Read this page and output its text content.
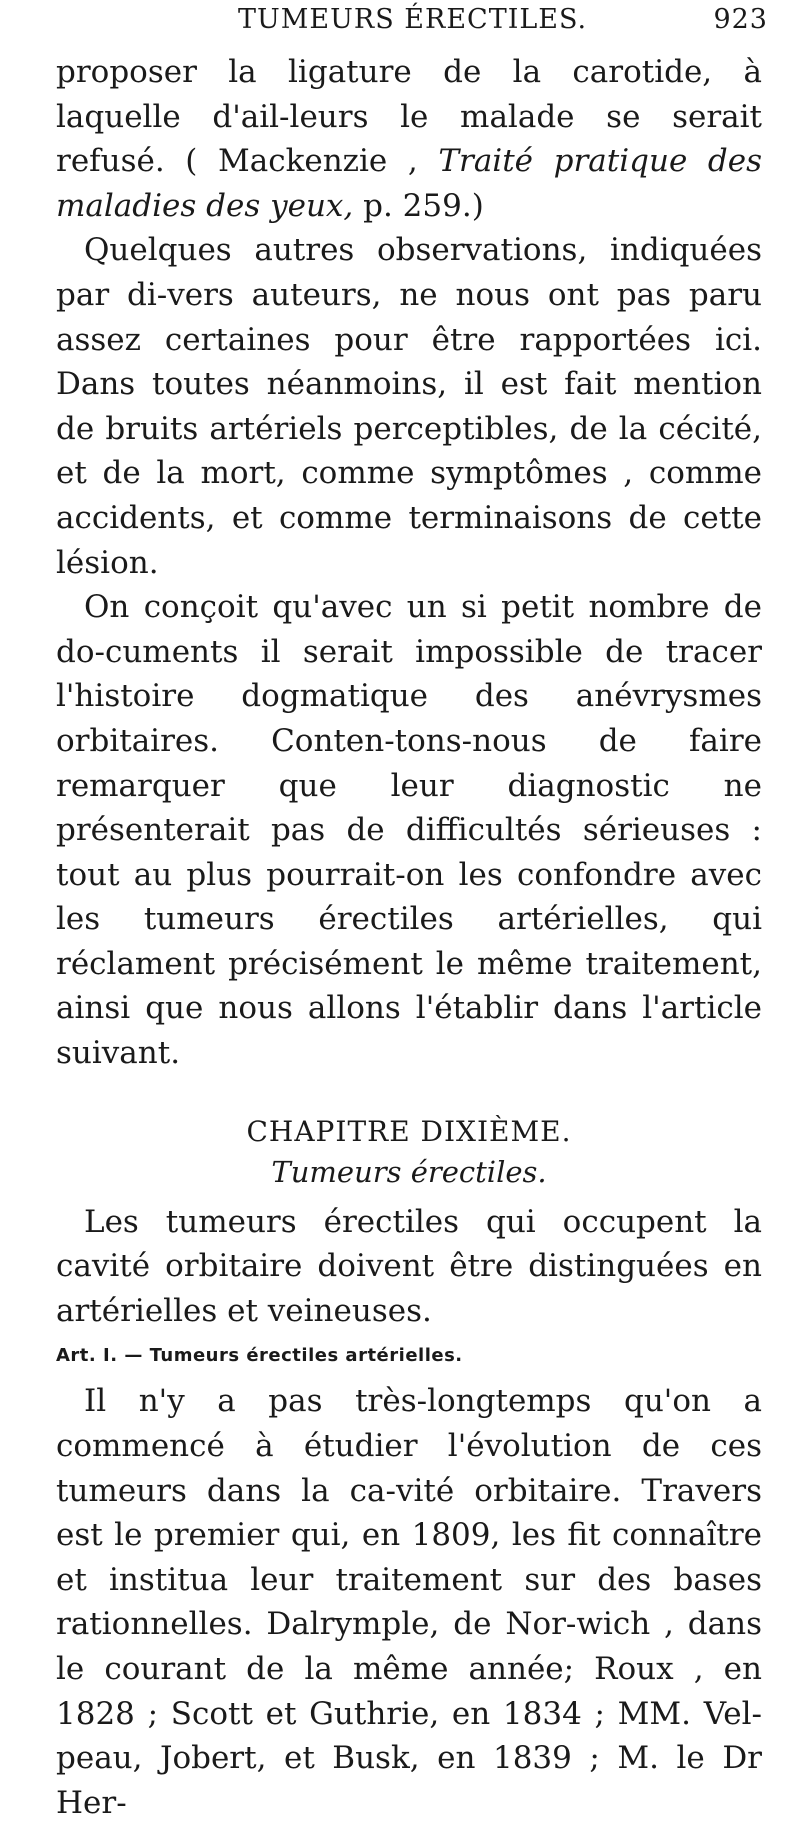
TUMEURS ÉRECTILES.	923

proposer la ligature de la carotide, à laquelle d'ail-leurs le malade se serait refusé. ( Mackenzie , Traité pratique des maladies des yeux, p. 259.)

Quelques autres observations, indiquées par di-vers auteurs, ne nous ont pas paru assez certaines pour être rapportées ici. Dans toutes néanmoins, il est fait mention de bruits artériels perceptibles, de la cécité, et de la mort, comme symptômes , comme accidents, et comme terminaisons de cette lésion.

On conçoit qu'avec un si petit nombre de do-cuments il serait impossible de tracer l'histoire dogmatique des anévrysmes orbitaires. Conten-tons-nous de faire remarquer que leur diagnostic ne présenterait pas de difficultés sérieuses : tout au plus pourrait-on les confondre avec les tumeurs érectiles artérielles, qui réclament précisément le même traitement, ainsi que nous allons l'établir dans l'article suivant.

CHAPITRE DIXIÈME.
Tumeurs érectiles.

Les tumeurs érectiles qui occupent la cavité orbitaire doivent être distinguées en artérielles et veineuses.

Art. I. — Tumeurs érectiles artérielles.

Il n'y a pas très-longtemps qu'on a commencé à étudier l'évolution de ces tumeurs dans la ca-vité orbitaire. Travers est le premier qui, en 1809, les fit connaître et institua leur traitement sur des bases rationnelles. Dalrymple, de Nor-wich , dans le courant de la même année; Roux , en 1828 ; Scott et Guthrie, en 1834 ; MM. Vel-peau, Jobert, et Busk, en 1839 ; M. le Dr Her-
